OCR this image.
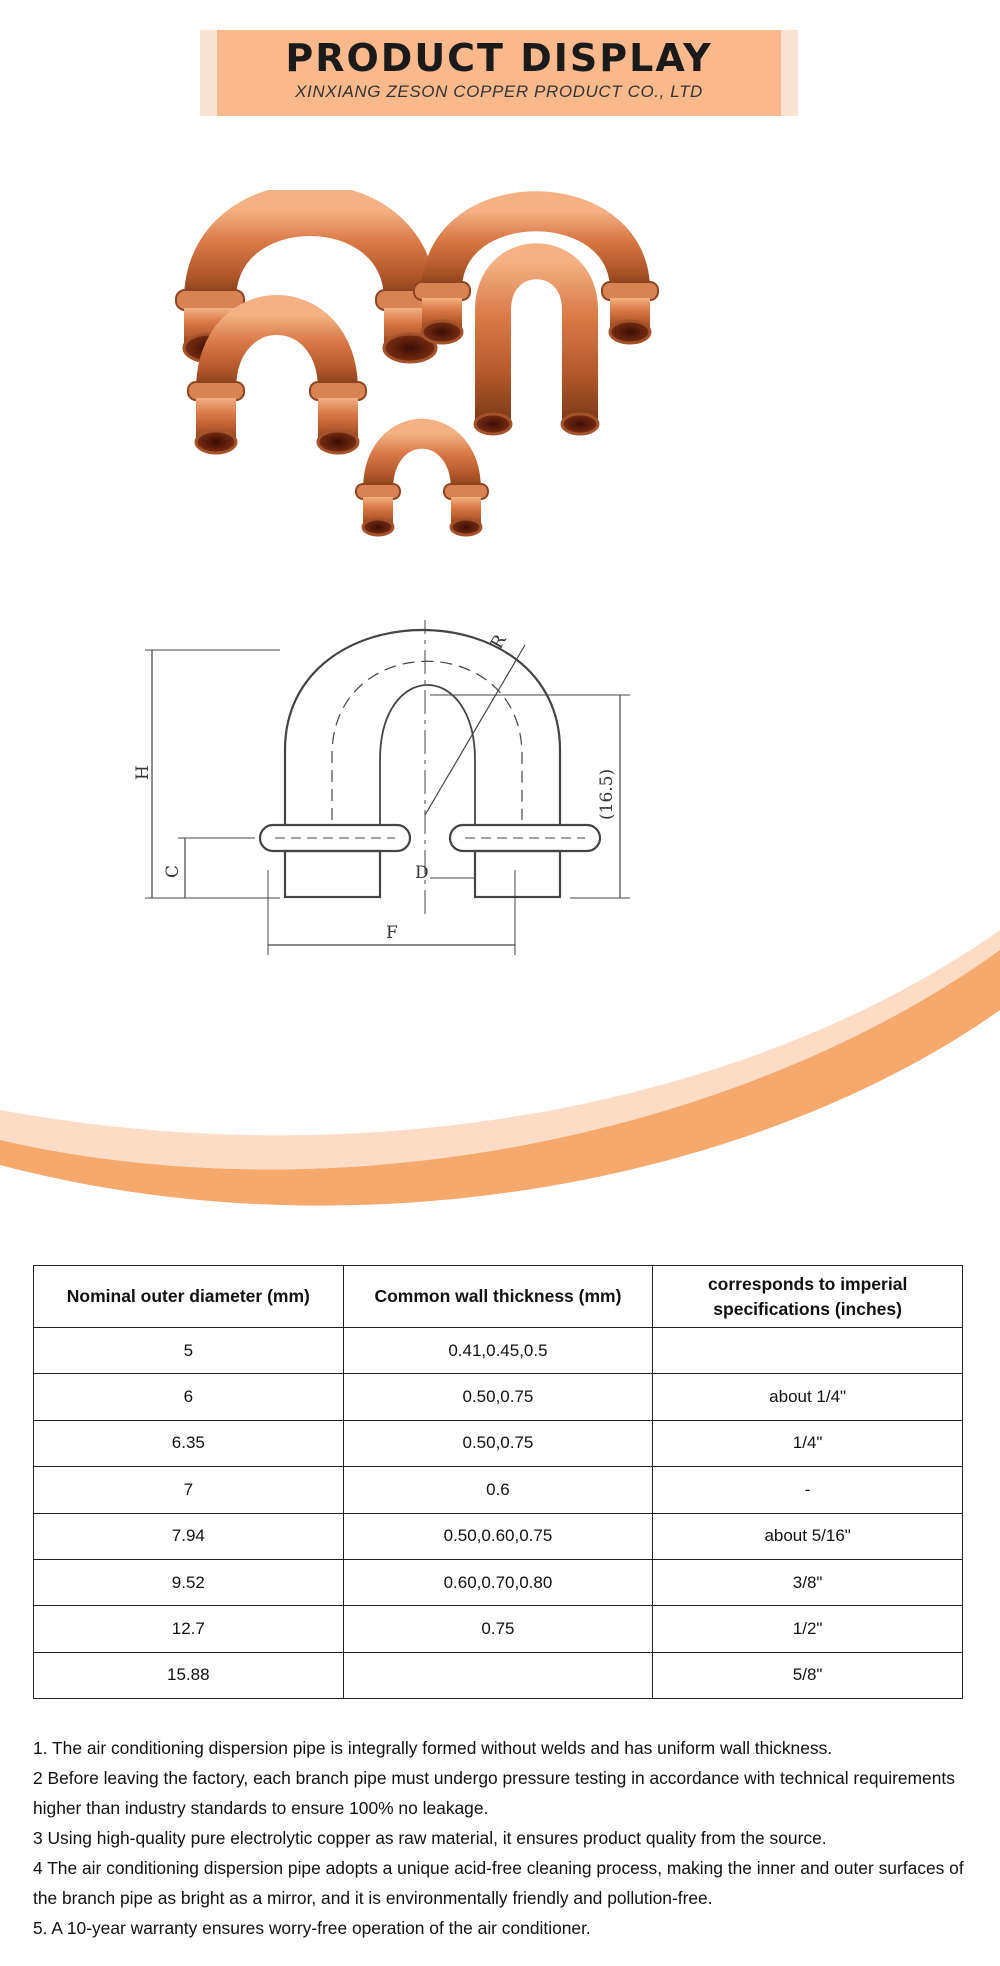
PRODUCT DISPLAY
XINXIANG ZESON COPPER PRODUCT CO., LTD
H
R
(16.5)
C	D
F
Nominal outer diameter (mm)	Common wall thickness (mm)	corresponds to imperial specifications (inches)
5	0.41,0.45,0.5	
6	0.50,0.75	about 1/4"
6.35	0.50,0.75	1/4"
7	0.6	-
7.94	0.50,0.60,0.75	about 5/16"
9.52	0.60,0.70,0.80	3/8"
12.7	0.75	1/2"
15.88		5/8"

1. The air conditioning dispersion pipe is integrally formed without welds and has uniform wall thickness.

2 Before leaving the factory, each branch pipe must undergo pressure testing in accordance with technical requirements higher than industry standards to ensure 100% no leakage.

3 Using high-quality pure electrolytic copper as raw material, it ensures product quality from the source.

4 The air conditioning dispersion pipe adopts a unique acid-free cleaning process, making the inner and outer surfaces of the branch pipe as bright as a mirror, and it is environmentally friendly and pollution-free.

5. A 10-year warranty ensures worry-free operation of the air conditioner.
